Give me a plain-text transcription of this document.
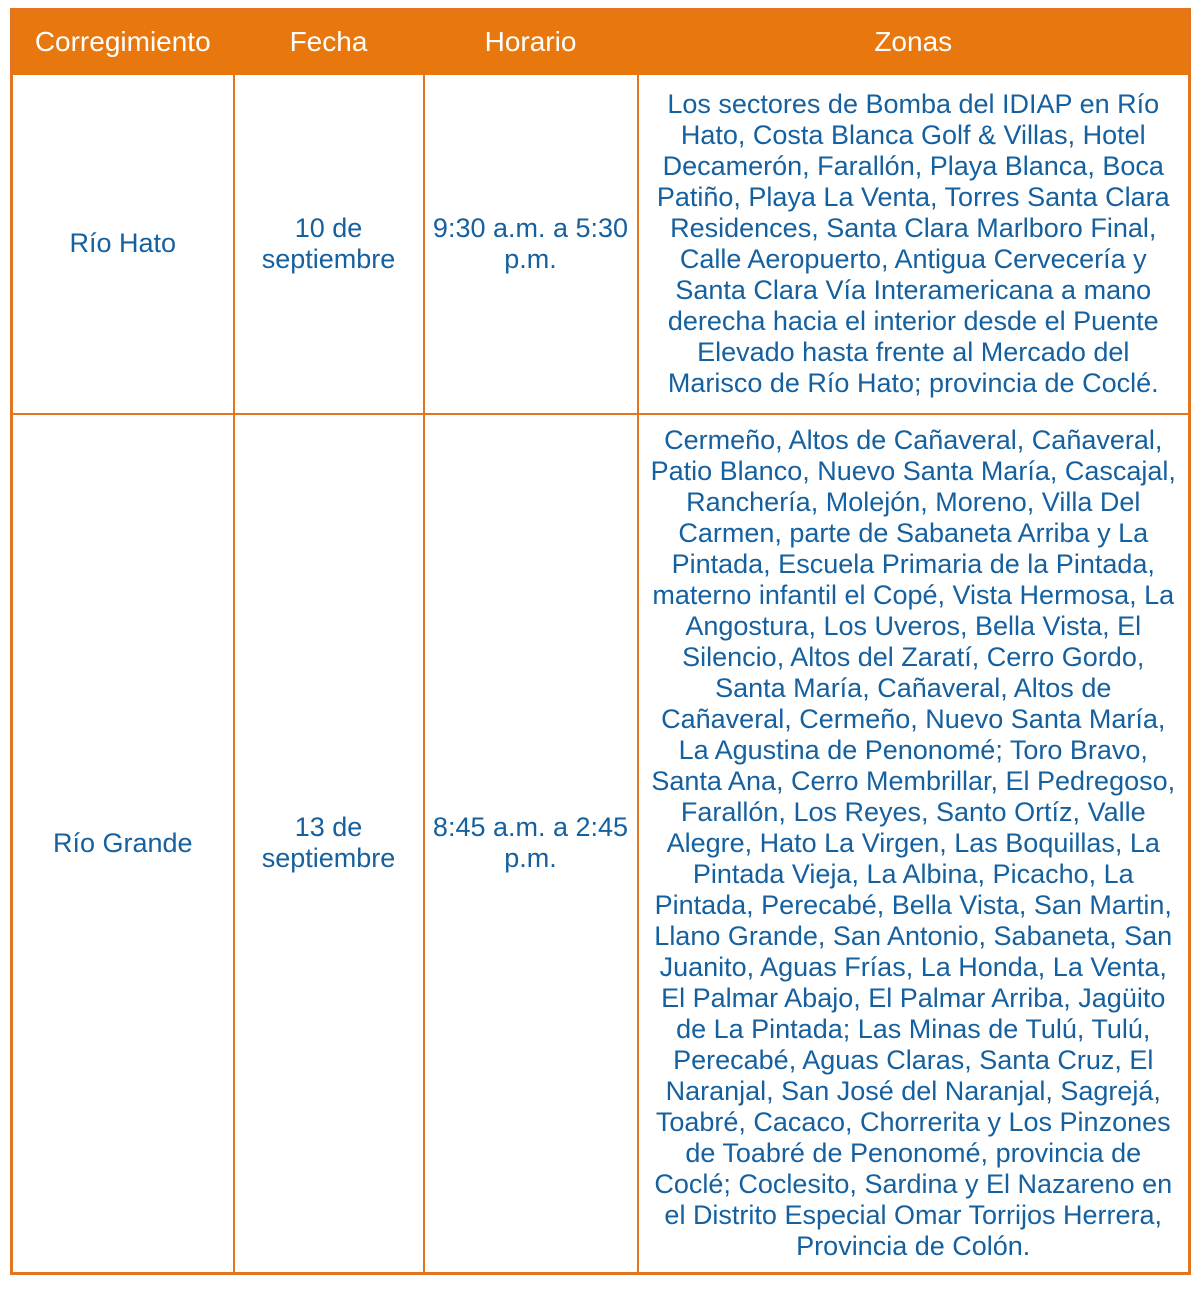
Corregimiento	Fecha	Horario	Zonas
Río Hato	10 de septiembre	9:30 a.m. a 5:30 p.m.	Los sectores de Bomba del IDIAP en Río Hato, Costa Blanca Golf & Villas, Hotel Decamerón, Farallón, Playa Blanca, Boca Patiño, Playa La Venta, Torres Santa Clara Residences, Santa Clara Marlboro Final, Calle Aeropuerto, Antigua Cervecería y Santa Clara Vía Interamericana a mano derecha hacia el interior desde el Puente Elevado hasta frente al Mercado del Marisco de Río Hato; provincia de Coclé.
Río Grande	13 de septiembre	8:45 a.m. a 2:45 p.m.	Cermeño, Altos de Cañaveral, Cañaveral, Patio Blanco, Nuevo Santa María, Cascajal, Ranchería, Molejón, Moreno, Villa Del Carmen, parte de Sabaneta Arriba y La Pintada, Escuela Primaria de la Pintada, materno infantil el Copé, Vista Hermosa, La Angostura, Los Uveros, Bella Vista, El Silencio, Altos del Zaratí, Cerro Gordo, Santa María, Cañaveral, Altos de Cañaveral, Cermeño, Nuevo Santa María, La Agustina de Penonomé; Toro Bravo, Santa Ana, Cerro Membrillar, El Pedregoso, Farallón, Los Reyes, Santo Ortíz, Valle Alegre, Hato La Virgen, Las Boquillas, La Pintada Vieja, La Albina, Picacho, La Pintada, Perecabé, Bella Vista, San Martin, Llano Grande, San Antonio, Sabaneta, San Juanito, Aguas Frías, La Honda, La Venta, El Palmar Abajo, El Palmar Arriba, Jagüito de La Pintada; Las Minas de Tulú, Tulú, Perecabé, Aguas Claras, Santa Cruz, El Naranjal, San José del Naranjal, Sagrejá, Toabré, Cacaco, Chorrerita y Los Pinzones de Toabré de Penonomé, provincia de Coclé; Coclesito, Sardina y El Nazareno en el Distrito Especial Omar Torrijos Herrera, Provincia de Colón.
